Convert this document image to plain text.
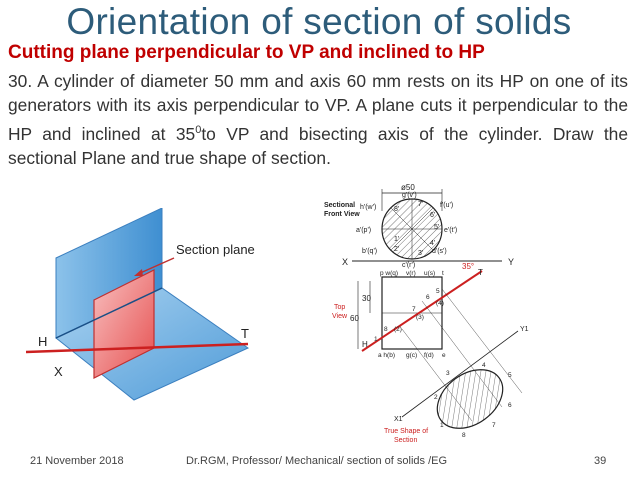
Orientation of section of solids
Cutting plane perpendicular to VP and inclined to HP
30. A cylinder of diameter 50 mm and axis 60 mm rests on its HP on one of its generators with its axis perpendicular to VP. A plane cuts it perpendicular to the HP and inclined at $35^0to$ VP and bisecting axis of the cylinder. Draw the sectional Plane and true shape of section.
Section plane
H
T
X
ø50
g'(v')
h'(w')	f'(u')
a'(p')	e'(t')
b'(q')	d'(s')
c'(r')
1'
2'
3'
4'
5'
6'
7'
8'
Sectional
Front View
X	Y
H
T
35°
30
60
Top
View
p w(q) v(r) u(s) t
a h(b) g(c) f(d) e
1
7
8
6
5
(2)
(3)
(4)
X1
Y1
1
2
3
4
5
6
7
8
True Shape of
Section
21 November 2018	Dr.RGM, Professor/ Mechanical/ section of solids /EG	39
